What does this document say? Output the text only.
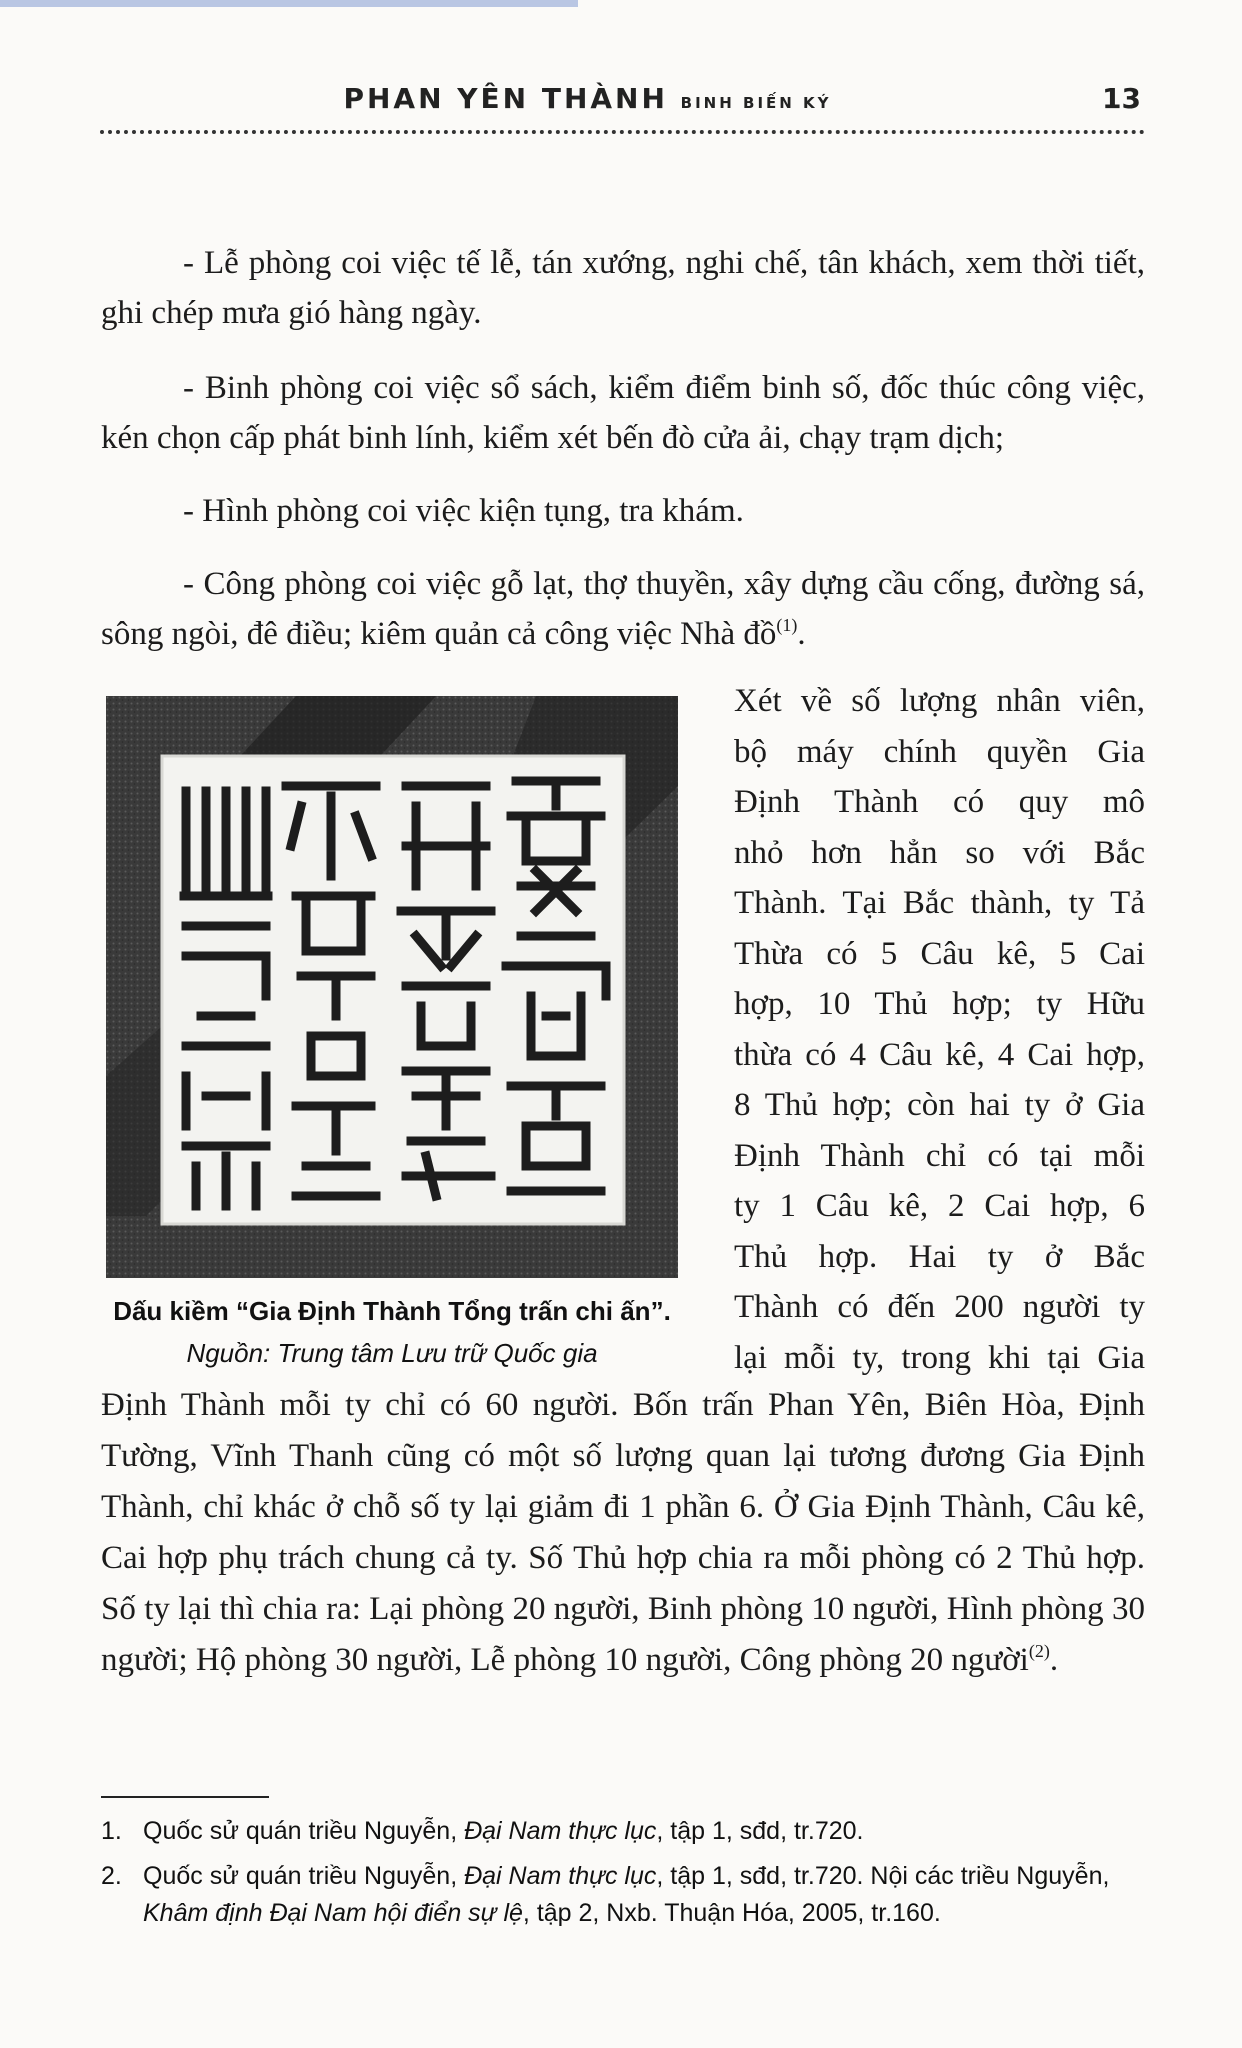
PHAN YÊN THÀNH BINH BIẾN KÝ	13

- Lễ phòng coi việc tế lễ, tán xướng, nghi chế, tân khách, xem thời tiết, ghi chép mưa gió hàng ngày.

- Binh phòng coi việc sổ sách, kiểm điểm binh số, đốc thúc công việc, kén chọn cấp phát binh lính, kiểm xét bến đò cửa ải, chạy trạm dịch;

- Hình phòng coi việc kiện tụng, tra khám.

- Công phòng coi việc gỗ lạt, thợ thuyền, xây dựng cầu cống, đường sá, sông ngòi, đê điều; kiêm quản cả công việc Nhà đồ$^{(1)}$.

Dấu kiềm “Gia Định Thành Tổng trấn chi ấn”.
Nguồn: Trung tâm Lưu trữ Quốc gia
Xét về số lượng nhân viên,
bộ máy chính quyền Gia
Định Thành có quy mô
nhỏ hơn hẳn so với Bắc
Thành. Tại Bắc thành, ty Tả
Thừa có 5 Câu kê, 5 Cai
hợp, 10 Thủ hợp; ty Hữu
thừa có 4 Câu kê, 4 Cai hợp,
8 Thủ hợp; còn hai ty ở Gia
Định Thành chỉ có tại mỗi
ty 1 Câu kê, 2 Cai hợp, 6
Thủ hợp. Hai ty ở Bắc
Thành có đến 200 người ty
lại mỗi ty, trong khi tại Gia

Định Thành mỗi ty chỉ có 60 người. Bốn trấn Phan Yên, Biên Hòa, Định Tường, Vĩnh Thanh cũng có một số lượng quan lại tương đương Gia Định Thành, chỉ khác ở chỗ số ty lại giảm đi 1 phần 6. Ở Gia Định Thành, Câu kê, Cai hợp phụ trách chung cả ty. Số Thủ hợp chia ra mỗi phòng có 2 Thủ hợp. Số ty lại thì chia ra: Lại phòng 20 người, Binh phòng 10 người, Hình phòng 30 người; Hộ phòng 30 người, Lễ phòng 10 người, Công phòng 20 người$^{(2)}$.

1. Quốc sử quán triều Nguyễn, Đại Nam thực lục, tập 1, sđd, tr.720.
2. Quốc sử quán triều Nguyễn, Đại Nam thực lục, tập 1, sđd, tr.720. Nội các triều Nguyễn, Khâm định Đại Nam hội điển sự lệ, tập 2, Nxb. Thuận Hóa, 2005, tr.160.
